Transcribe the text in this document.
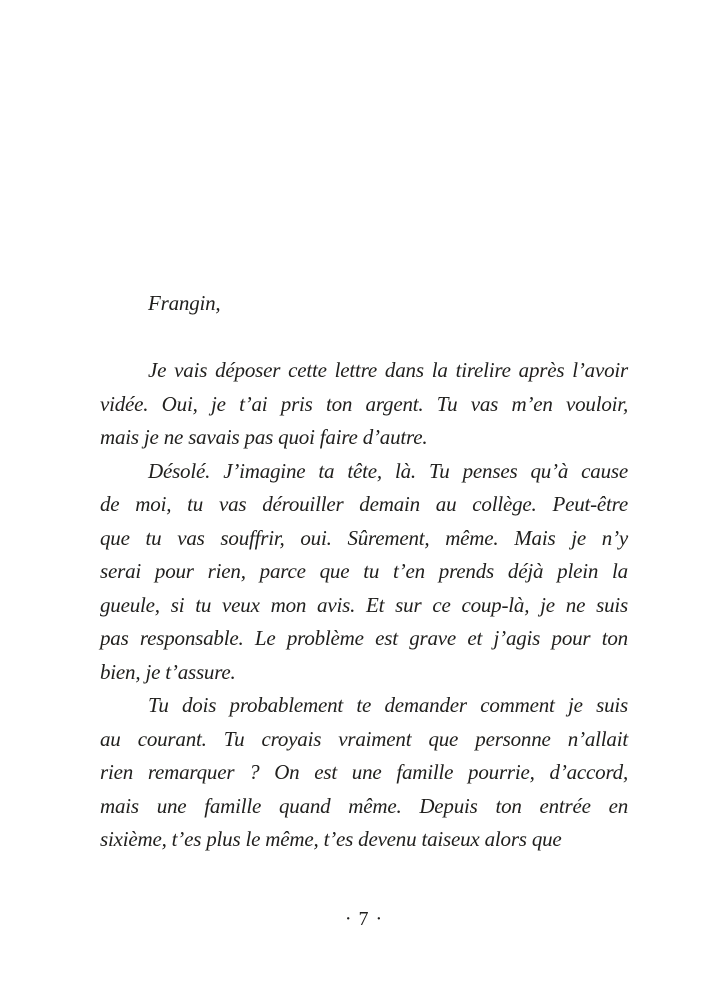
Frangin,

Je vais déposer cette lettre dans la tirelire après l’avoir
vidée. Oui, je t’ai pris ton argent. Tu vas m’en vouloir,
mais je ne savais pas quoi faire d’autre.

Désolé. J’imagine ta tête, là. Tu penses qu’à cause
de moi, tu vas dérouiller demain au collège. Peut-être
que tu vas souffrir, oui. Sûrement, même. Mais je n’y
serai pour rien, parce que tu t’en prends déjà plein la
gueule, si tu veux mon avis. Et sur ce coup-là, je ne suis
pas responsable. Le problème est grave et j’agis pour ton
bien, je t’assure.

Tu dois probablement te demander comment je suis
au courant. Tu croyais vraiment que personne n’allait
rien remarquer ? On est une famille pourrie, d’accord,
mais une famille quand même. Depuis ton entrée en
sixième, t’es plus le même, t’es devenu taiseux alors que

· 7 ·
